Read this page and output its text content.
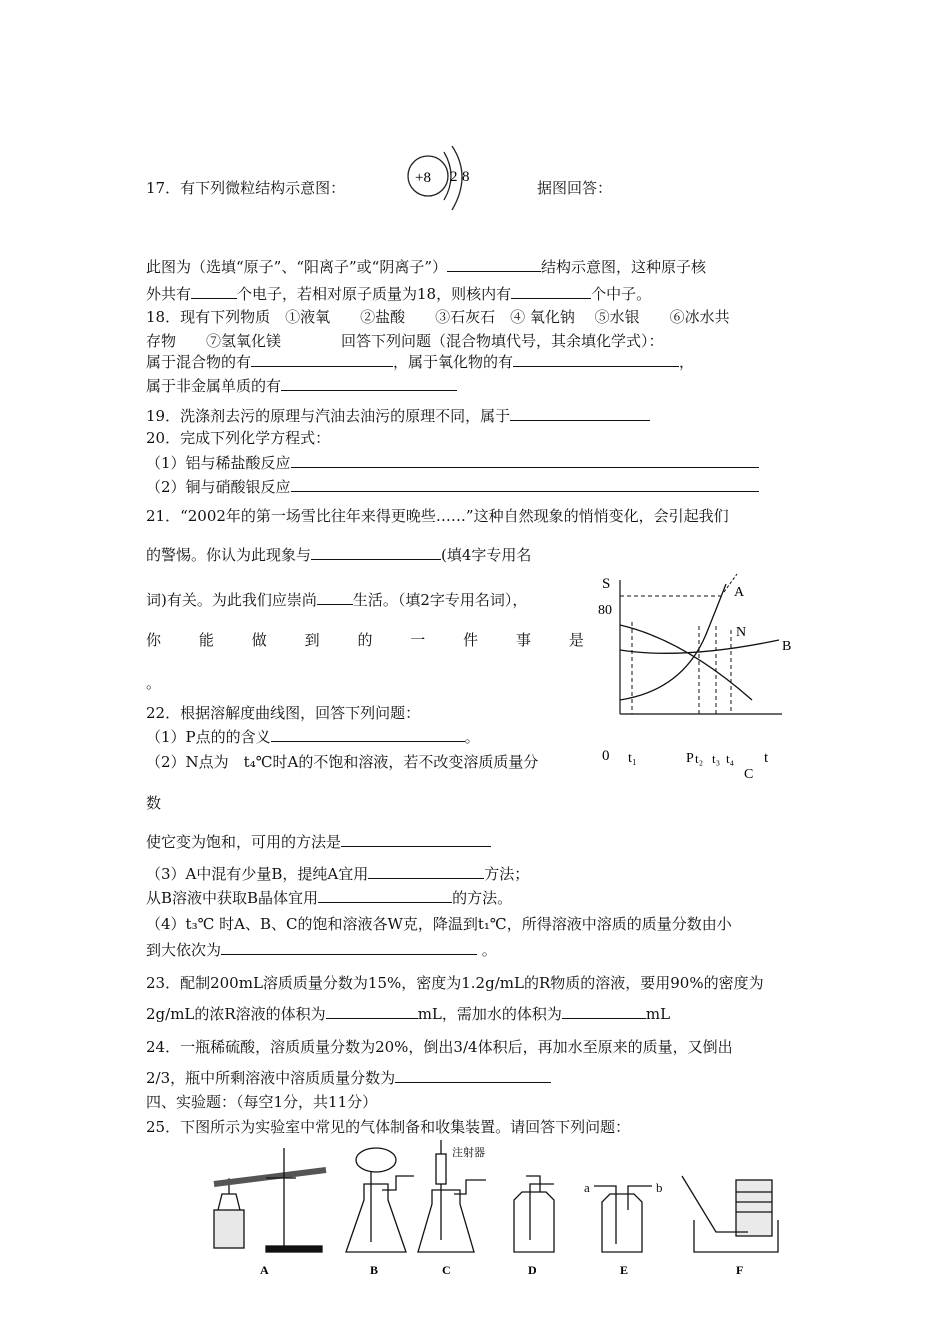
17．有下列微粒结构示意图：
+8 2 8
据图回答：
此图为（选填“原子”、“阳离子”或“阴离子”）	结构示意图，这种原子核
外共有	个电子，若相对原子质量为18，则核内有	个中子。
18．现有下列物质　①液氧　　②盐酸　　③石灰石　④ 氧化钠　 ⑤水银　　⑥冰水共
存物　　⑦氢氧化镁　　　　回答下列问题（混合物填代号，其余填化学式）：
属于混合物的有	，属于氧化物的有	，
属于非金属单质的有
19．洗涤剂去污的原理与汽油去油污的原理不同，属于
20．完成下列化学方程式：
（1）铝与稀盐酸反应
（2）铜与硝酸银反应
21．“2002年的第一场雪比往年来得更晚些……”这种自然现象的悄悄变化，会引起我们
的警惕。你认为此现象与	(填4字专用名
词)有关。为此我们应崇尚 生活。（填2字专用名词），
你	能	做	到	的	一	件	事	是
。
22．根据溶解度曲线图，回答下列问题：
（1）P点的的含义	。
（2）N点为　t₄℃时A的不饱和溶液，若不改变溶质质量分
数
使它变为饱和，可用的方法是
（3）A中混有少量B，提纯A宜用	方法；
从B溶液中获取B晶体宜用	的方法。
（4）t₃℃ 时A、B、C的饱和溶液各W克，降温到t₁℃，所得溶液中溶质的质量分数由小
到大依次为	。
S
80
0 t₁	P t₂ t₃ t₄ t
A
B
C
N
23．配制200mL溶质质量分数为15%，密度为1.2g/mL的R物质的溶液，要用90%的密度为
2g/mL的浓R溶液的体积为	mL，需加水的体积为	mL
24．一瓶稀硫酸，溶质质量分数为20%，倒出3/4体积后，再加水至原来的质量，又倒出
2/3，瓶中所剩溶液中溶质质量分数为
四、实验题：（每空1分，共11分）
25．下图所示为实验室中常见的气体制备和收集装置。请回答下列问题：
注射器
a	b
A	B	C	D	E	F
